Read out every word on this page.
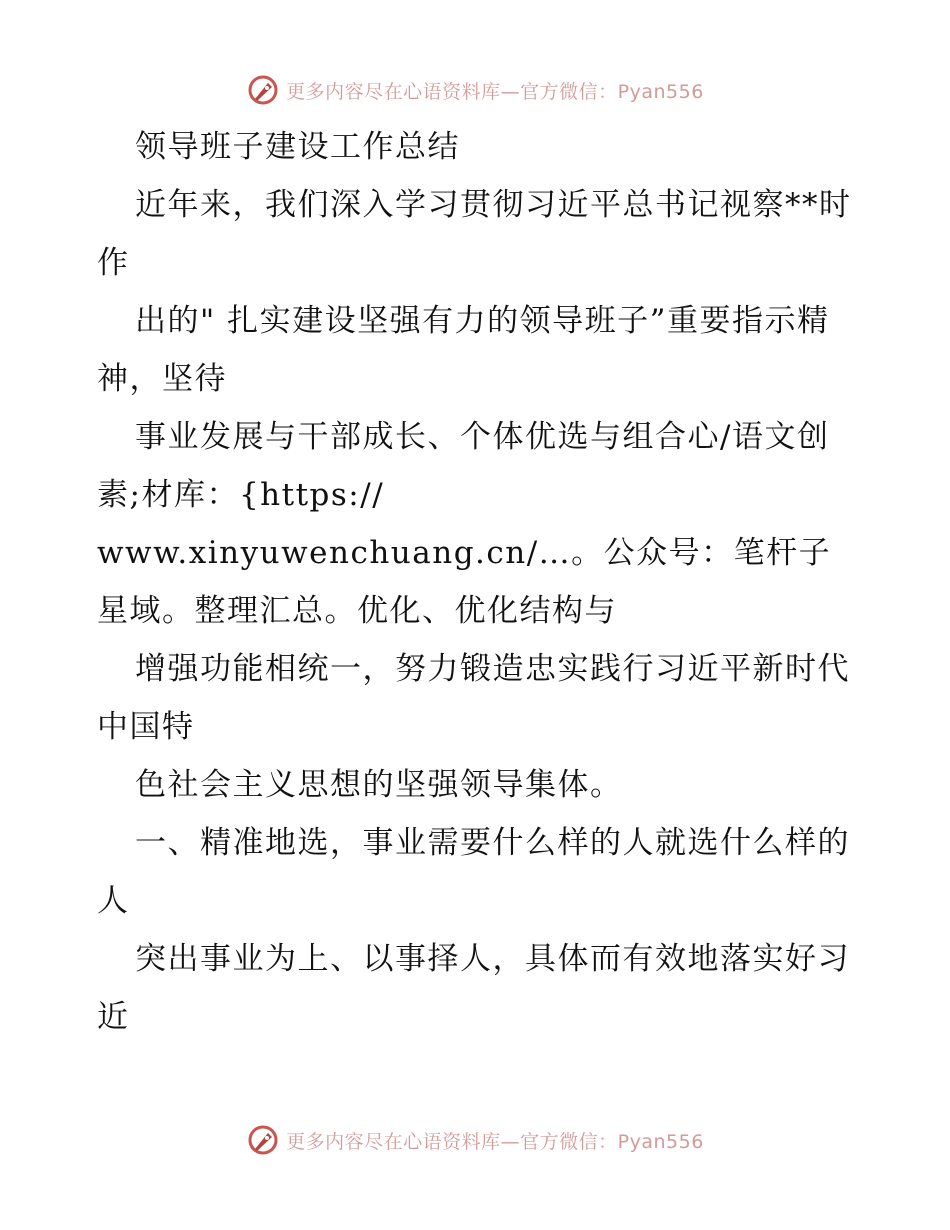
更多内容尽在心语资料库—官方微信：Pyan556

领导班子建设工作总结

近年来，我们深入学习贯彻习近平总书记视察**时作

出的" 扎实建设坚强有力的领导班子”重要指示精神，坚待

事业发展与干部成长、个体优选与组合心/语文创素;材库：{https://

www.xinyuwenchuang.cn/…。公众号：笔杆子星域。整理汇总。优化、优化结构与

增强功能相统一，努力锻造忠实践行习近平新时代中国特

色社会主义思想的坚强领导集体。

一、精准地选，事业需要什么样的人就选什么样的人

突出事业为上、以事择人，具体而有效地落实好习近

更多内容尽在心语资料库—官方微信：Pyan556
